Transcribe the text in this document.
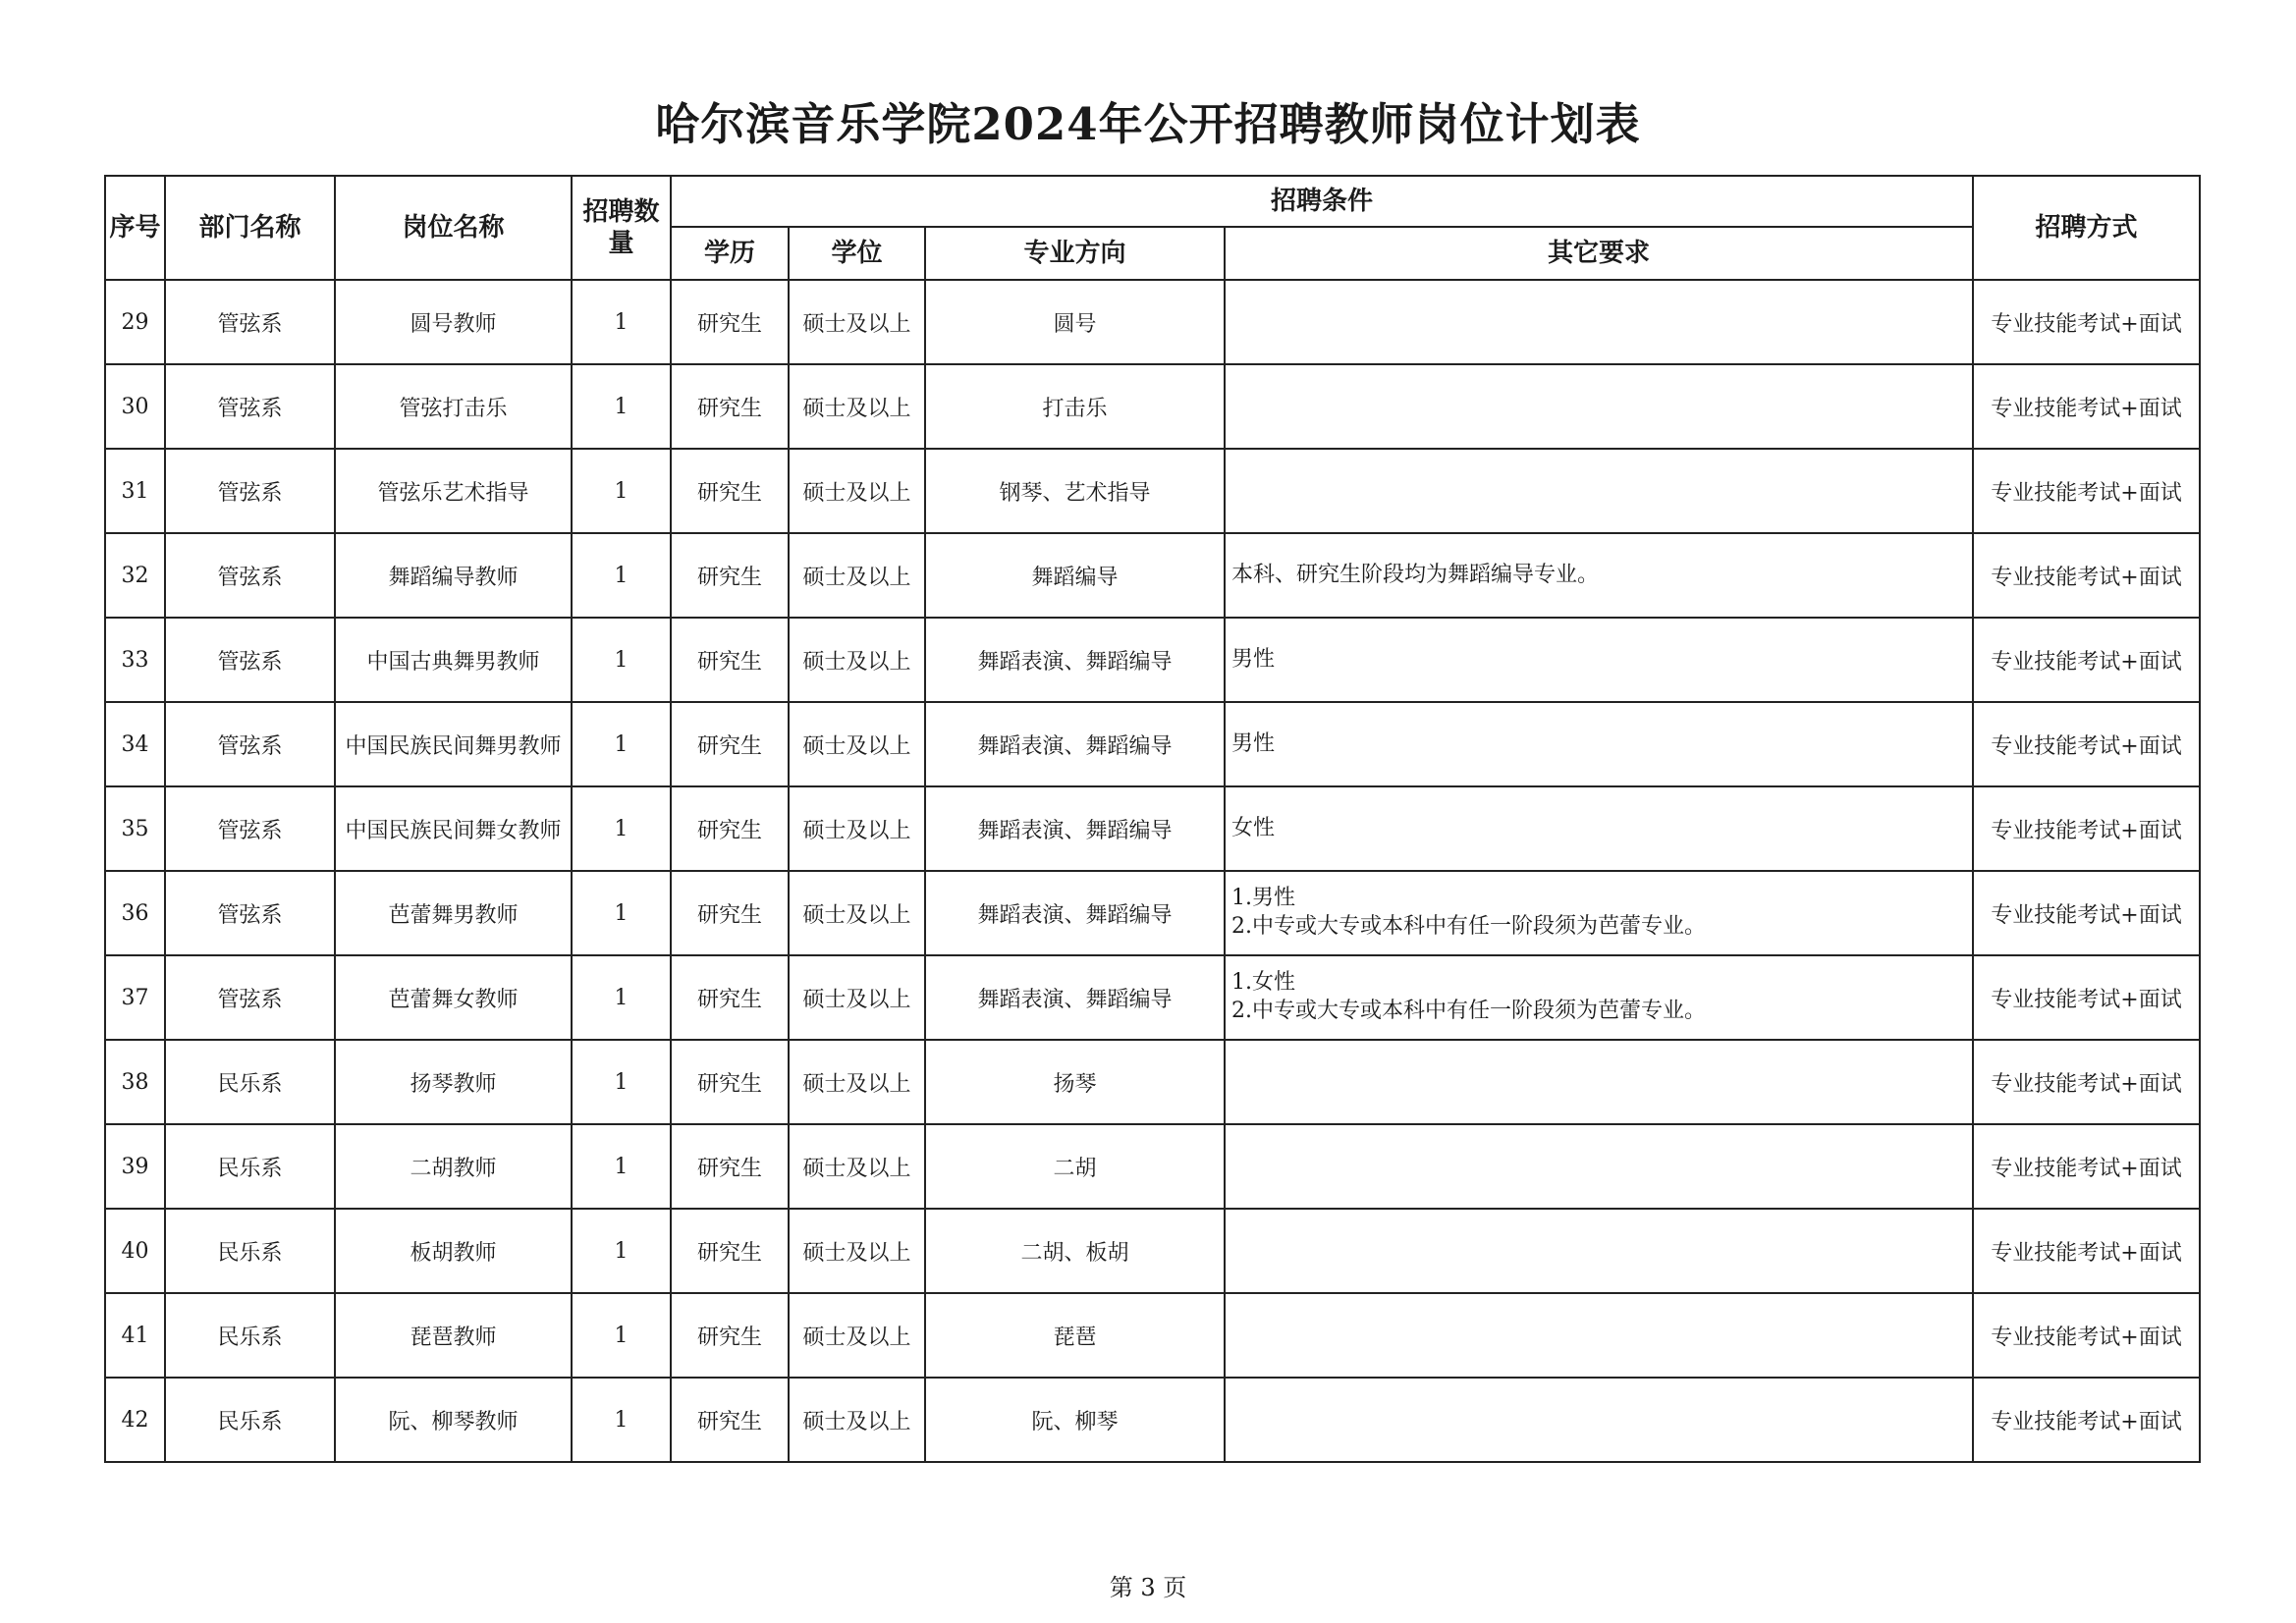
哈尔滨音乐学院2024年公开招聘教师岗位计划表
序号	部门名称	岗位名称	招聘数量	招聘条件				招聘方式
				学历	学位	专业方向	其它要求	
29	管弦系	圆号教师	1	研究生	硕士及以上	圆号		专业技能考试+面试
30	管弦系	管弦打击乐	1	研究生	硕士及以上	打击乐		专业技能考试+面试
31	管弦系	管弦乐艺术指导	1	研究生	硕士及以上	钢琴、艺术指导		专业技能考试+面试
32	管弦系	舞蹈编导教师	1	研究生	硕士及以上	舞蹈编导	本科、研究生阶段均为舞蹈编导专业。	专业技能考试+面试
33	管弦系	中国古典舞男教师	1	研究生	硕士及以上	舞蹈表演、舞蹈编导	男性	专业技能考试+面试
34	管弦系	中国民族民间舞男教师	1	研究生	硕士及以上	舞蹈表演、舞蹈编导	男性	专业技能考试+面试
35	管弦系	中国民族民间舞女教师	1	研究生	硕士及以上	舞蹈表演、舞蹈编导	女性	专业技能考试+面试
36	管弦系	芭蕾舞男教师	1	研究生	硕士及以上	舞蹈表演、舞蹈编导	1.男性
2.中专或大专或本科中有任一阶段须为芭蕾专业。	专业技能考试+面试
37	管弦系	芭蕾舞女教师	1	研究生	硕士及以上	舞蹈表演、舞蹈编导	1.女性
2.中专或大专或本科中有任一阶段须为芭蕾专业。	专业技能考试+面试
38	民乐系	扬琴教师	1	研究生	硕士及以上	扬琴		专业技能考试+面试
39	民乐系	二胡教师	1	研究生	硕士及以上	二胡		专业技能考试+面试
40	民乐系	板胡教师	1	研究生	硕士及以上	二胡、板胡		专业技能考试+面试
41	民乐系	琵琶教师	1	研究生	硕士及以上	琵琶		专业技能考试+面试
42	民乐系	阮、柳琴教师	1	研究生	硕士及以上	阮、柳琴		专业技能考试+面试
第 3 页
